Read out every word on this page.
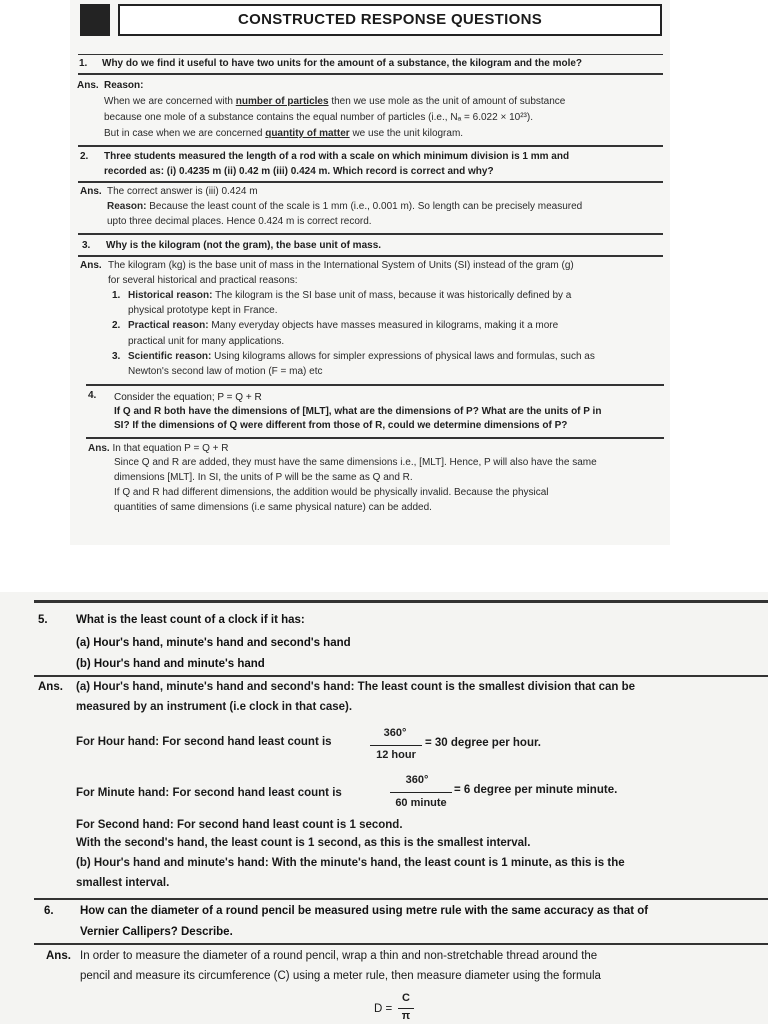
CONSTRUCTED RESPONSE QUESTIONS
1. Why do we find it useful to have two units for the amount of a substance, the kilogram and the mole?
Ans. Reason:
When we are concerned with number of particles then we use mole as the unit of amount of substance
because one mole of a substance contains the equal number of particles (i.e., Nₐ = 6.022 × 10²³).
But in case when we are concerned quantity of matter we use the unit kilogram.
2. Three students measured the length of a rod with a scale on which minimum division is 1 mm and
recorded as: (i) 0.4235 m (ii) 0.42 m (iii) 0.424 m. Which record is correct and why?
Ans. The correct answer is (iii) 0.424 m
Reason: Because the least count of the scale is 1 mm (i.e., 0.001 m). So length can be precisely measured
upto three decimal places. Hence 0.424 m is correct record.
3. Why is the kilogram (not the gram), the base unit of mass.
Ans. The kilogram (kg) is the base unit of mass in the International System of Units (SI) instead of the gram (g)
for several historical and practical reasons:
1. Historical reason: The kilogram is the SI base unit of mass, because it was historically defined by a
physical prototype kept in France.
2. Practical reason: Many everyday objects have masses measured in kilograms, making it a more
practical unit for many applications.
3. Scientific reason: Using kilograms allows for simpler expressions of physical laws and formulas, such as
Newton's second law of motion (F = ma) etc
4. Consider the equation; P = Q + R
If Q and R both have the dimensions of [MLT], what are the dimensions of P? What are the units of P in
SI? If the dimensions of Q were different from those of R, could we determine dimensions of P?
Ans. In that equation P = Q + R
Since Q and R are added, they must have the same dimensions i.e., [MLT]. Hence, P will also have the same
dimensions [MLT]. In SI, the units of P will be the same as Q and R.
If Q and R had different dimensions, the addition would be physically invalid. Because the physical
quantities of same dimensions (i.e same physical nature) can be added.
5. What is the least count of a clock if it has:
(a) Hour's hand, minute's hand and second's hand
(b) Hour's hand and minute's hand
Ans. (a) Hour's hand, minute's hand and second's hand: The least count is the smallest division that can be
measured by an instrument (i.e clock in that case).
For Hour hand: For second hand least count is
360°
12 hour
= 30 degree per hour.
For Minute hand: For second hand least count is
360°
60 minute
= 6 degree per minute minute.
For Second hand: For second hand least count is 1 second.
With the second's hand, the least count is 1 second, as this is the smallest interval.
(b) Hour's hand and minute's hand: With the minute's hand, the least count is 1 minute, as this is the
smallest interval.
6. How can the diameter of a round pencil be measured using metre rule with the same accuracy as that of
Vernier Callipers? Describe.
Ans. In order to measure the diameter of a round pencil, wrap a thin and non-stretchable thread around the
pencil and measure its circumference (C) using a meter rule, then measure diameter using the formula
D =
C
π
